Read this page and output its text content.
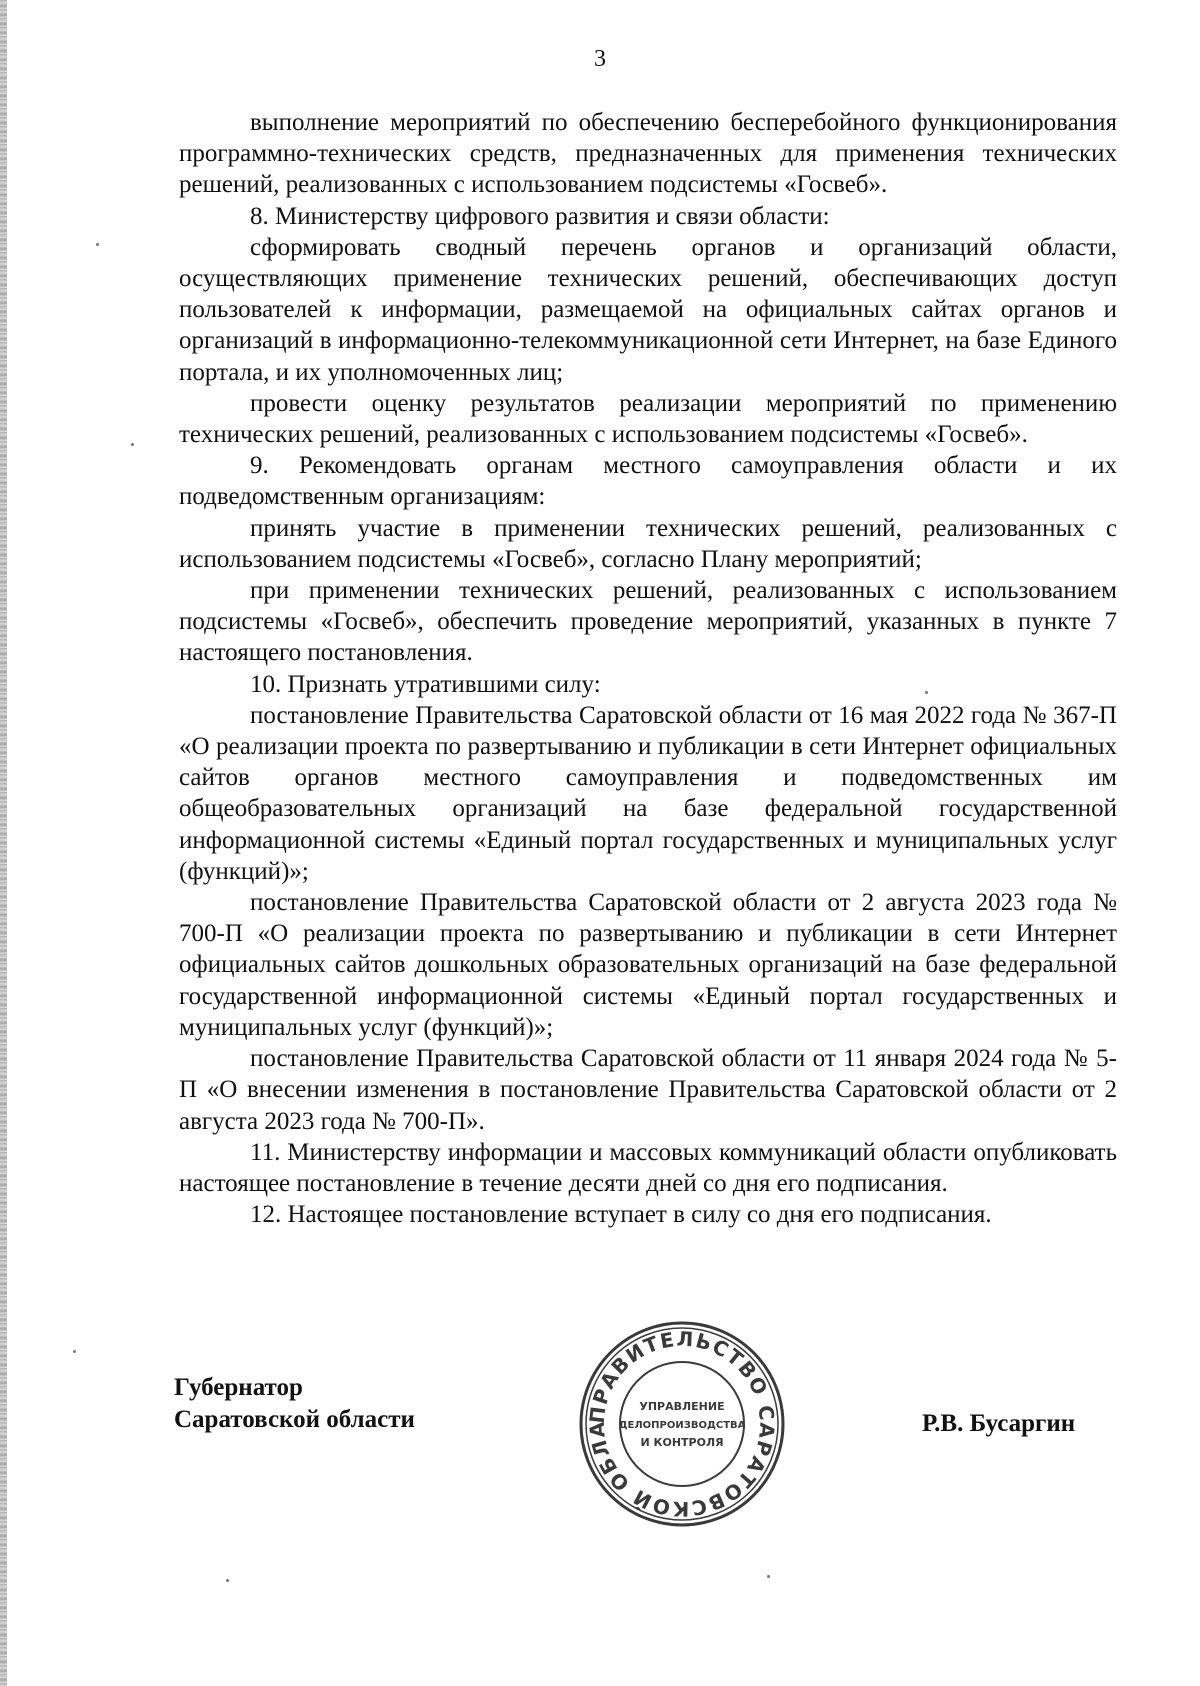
3

выполнение мероприятий по обеспечению бесперебойного функционирования программно-технических средств, предназначенных для применения технических решений, реализованных с использованием подсистемы «Госвеб».

8. Министерству цифрового развития и связи области:

сформировать сводный перечень органов и организаций области, осуществляющих применение технических решений, обеспечивающих доступ пользователей к информации, размещаемой на официальных сайтах органов и организаций в информационно-телекоммуникационной сети Интернет, на базе Единого портала, и их уполномоченных лиц;

провести оценку результатов реализации мероприятий по применению технических решений, реализованных с использованием подсистемы «Госвеб».

9. Рекомендовать органам местного самоуправления области и их подведомственным организациям:

принять участие в применении технических решений, реализованных с использованием подсистемы «Госвеб», согласно Плану мероприятий;

при применении технических решений, реализованных с использованием подсистемы «Госвеб», обеспечить проведение мероприятий, указанных в пункте 7 настоящего постановления.

10. Признать утратившими силу:

постановление Правительства Саратовской области от 16 мая 2022 года № 367-П «О реализации проекта по развертыванию и публикации в сети Интернет официальных сайтов органов местного самоуправления и подведомственных им общеобразовательных организаций на базе федеральной государственной информационной системы «Единый портал государственных и муниципальных услуг (функций)»;

постановление Правительства Саратовской области от 2 августа 2023 года № 700-П «О реализации проекта по развертыванию и публикации в сети Интернет официальных сайтов дошкольных образовательных организаций на базе федеральной государственной информационной системы «Единый портал государственных и муниципальных услуг (функций)»;

постановление Правительства Саратовской области от 11 января 2024 года № 5-П «О внесении изменения в постановление Правительства Саратовской области от 2 августа 2023 года № 700-П».

11. Министерству информации и массовых коммуникаций области опубликовать настоящее постановление в течение десяти дней со дня его подписания.

12. Настоящее постановление вступает в силу со дня его подписания.

Губернатор
Саратовской области	ПРАВИТЕЛЬСТВО САРАТОВСКОЙ ОБЛА
УПРАВЛЕНИЕ
ДЕЛОПРОИЗВОДСТВА
И КОНТРОЛЯ
Р.В. Бусаргин
